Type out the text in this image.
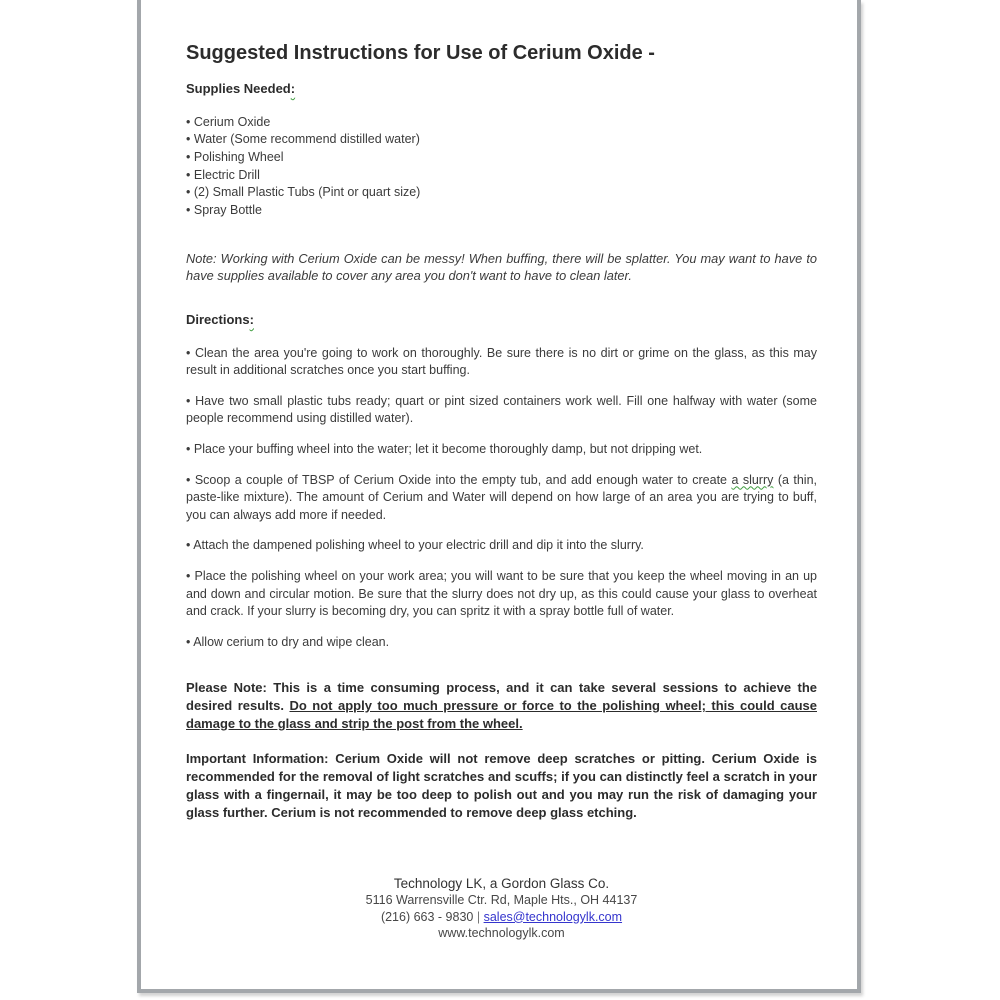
Suggested Instructions for Use of Cerium Oxide -
Supplies Needed:
• Cerium Oxide
• Water (Some recommend distilled water)
• Polishing Wheel
• Electric Drill
• (2) Small Plastic Tubs (Pint or quart size)
• Spray Bottle

Note: Working with Cerium Oxide can be messy! When buffing, there will be splatter. You may want to have to have supplies available to cover any area you don't want to have to clean later.

Directions:

• Clean the area you're going to work on thoroughly. Be sure there is no dirt or grime on the glass, as this may result in additional scratches once you start buffing.

• Have two small plastic tubs ready; quart or pint sized containers work well. Fill one halfway with water (some people recommend using distilled water).

• Place your buffing wheel into the water; let it become thoroughly damp, but not dripping wet.

• Scoop a couple of TBSP of Cerium Oxide into the empty tub, and add enough water to create a slurry (a thin, paste-like mixture). The amount of Cerium and Water will depend on how large of an area you are trying to buff, you can always add more if needed.

• Attach the dampened polishing wheel to your electric drill and dip it into the slurry.

• Place the polishing wheel on your work area; you will want to be sure that you keep the wheel moving in an up and down and circular motion. Be sure that the slurry does not dry up, as this could cause your glass to overheat and crack. If your slurry is becoming dry, you can spritz it with a spray bottle full of water.

• Allow cerium to dry and wipe clean.

Please Note: This is a time consuming process, and it can take several sessions to achieve the desired results. Do not apply too much pressure or force to the polishing wheel; this could cause damage to the glass and strip the post from the wheel.

Important Information: Cerium Oxide will not remove deep scratches or pitting. Cerium Oxide is recommended for the removal of light scratches and scuffs; if you can distinctly feel a scratch in your glass with a fingernail, it may be too deep to polish out and you may run the risk of damaging your glass further. Cerium is not recommended to remove deep glass etching.

Technology LK, a Gordon Glass Co.
5116 Warrensville Ctr. Rd, Maple Hts., OH 44137
(216) 663 - 9830 | sales@technologylk.com
www.technologylk.com
